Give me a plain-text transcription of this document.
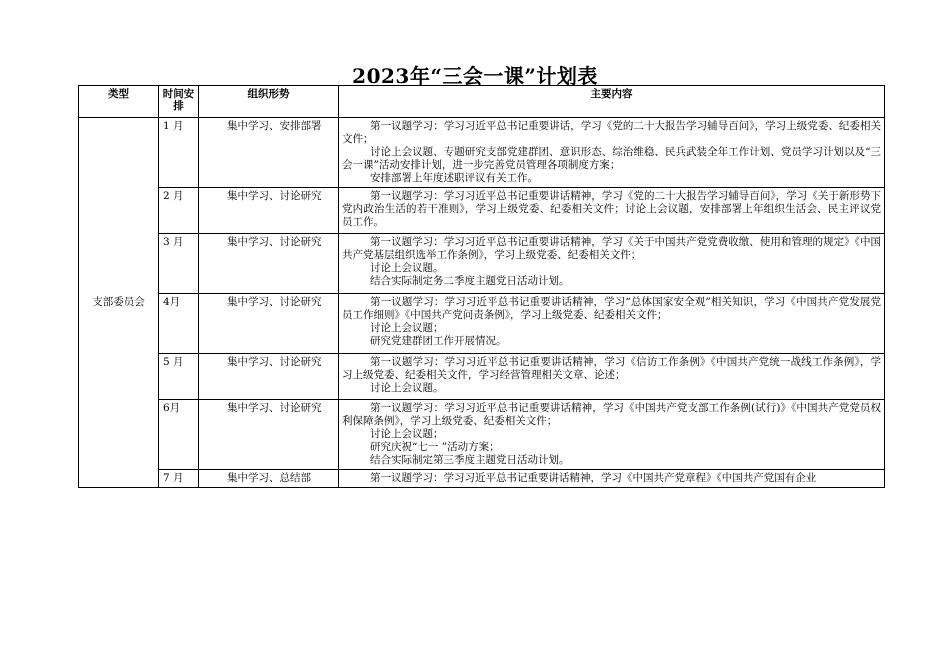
2023年“三会一课”计划表
类型	时间安排	组织形势	主要内容
支部委员会	1 月	集中学习、安排部署	第一议题学习：学习习近平总书记重要讲话，学习《党的二十大报告学习辅导百问》，学习上级党委、纪委相关文件；

讨论上会议题、专题研究支部党建群团、意识形态、综治维稳、民兵武装全年工作计划、党员学习计划以及“三会一课”活动安排计划，进一步完善党员管理各项制度方案；

安排部署上年度述职评议有关工作。

	2 月	集中学习、讨论研究	第一议题学习：学习习近平总书记重要讲话精神，学习《党的二十大报告学习辅导百问》，学习《关于新形势下党内政治生活的若干准则》，学习上级党委、纪委相关文件；讨论上会议题，安排部署上年组织生活会、民主评议党员工作。

	3 月	集中学习、讨论研究	第一议题学习：学习习近平总书记重要讲话精神，学习《关于中国共产党党费收缴、使用和管理的规定》《中国共产党基层组织选举工作条例》，学习上级党委、纪委相关文件；

讨论上会议题。

结合实际制定务二季度主题党日活动计划。

	4月	集中学习、讨论研究	第一议题学习：学习习近平总书记重要讲话精神，学习“总体国家安全观”相关知识，学习《中国共产党发展党员工作细则》《中国共产党问责条例》，学习上级党委、纪委相关文件；

讨论上会议题；

研究党建群团工作开展情况。

	5 月	集中学习、讨论研究	第一议题学习：学习习近平总书记重要讲话精神，学习《信访工作条例》《中国共产党统一战线工作条例》，学习上级党委、纪委相关文件，学习经营管理相关文章、论述；

讨论上会议题。

	6月	集中学习、讨论研究	第一议题学习：学习习近平总书记重要讲话精神，学习《中国共产党支部工作条例(试行)》《中国共产党党员权利保障条例》，学习上级党委、纪委相关文件；

讨论上会议题；

研究庆祝“七一 ”活动方案；

结合实际制定第三季度主题党日活动计划。

	7 月	集中学习、总结部	第一议题学习：学习习近平总书记重要讲话精神，学习《中国共产党章程》《中国共产党国有企业
